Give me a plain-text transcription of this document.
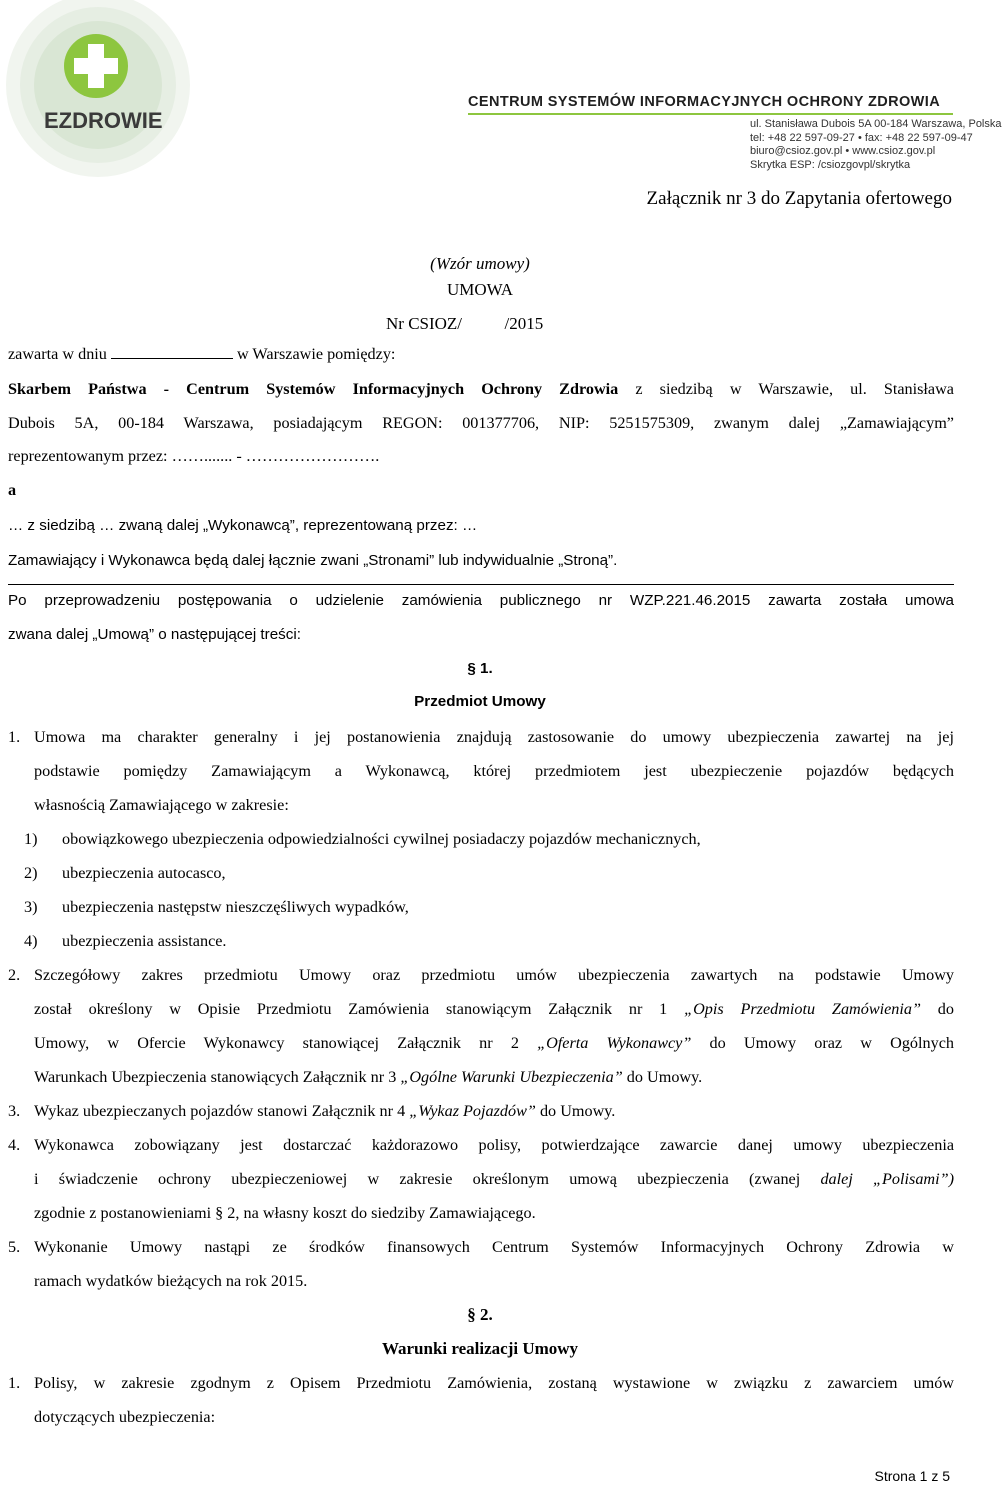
EZDROWIE
CENTRUM SYSTEMÓW INFORMACYJNYCH OCHRONY ZDROWIA
ul. Stanisława Dubois 5A 00-184 Warszawa, Polska
tel: +48 22 597-09-27 • fax: +48 22 597-09-47
biuro@csioz.gov.pl • www.csioz.gov.pl
Skrytka ESP: /csiozgovpl/skrytka
Załącznik nr 3 do Zapytania ofertowego
(Wzór umowy)
UMOWA
Nr CSIOZ/          /2015
zawarta w dniu	w Warszawie pomiędzy:
Skarbem Państwa - Centrum Systemów Informacyjnych Ochrony Zdrowia z siedzibą w Warszawie, ul. Stanisława
Dubois 5A, 00-184 Warszawa, posiadającym REGON: 001377706, NIP: 5251575309, zwanym dalej „Zamawiającym”
reprezentowanym przez: ……....... - …………………….
a
… z siedzibą … zwaną dalej „Wykonawcą”, reprezentowaną przez: …
Zamawiający i Wykonawca będą dalej łącznie zwani „Stronami” lub indywidualnie „Stroną”.
Po przeprowadzeniu postępowania o udzielenie zamówienia publicznego nr WZP.221.46.2015 zawarta została umowa
zwana dalej „Umową” o następującej treści:
§ 1.
Przedmiot Umowy
1. Umowa ma charakter generalny i jej postanowienia znajdują zastosowanie do umowy ubezpieczenia zawartej na jej
podstawie pomiędzy Zamawiającym a Wykonawcą, której przedmiotem jest ubezpieczenie pojazdów będących
własnością Zamawiającego w zakresie:
1) obowiązkowego ubezpieczenia odpowiedzialności cywilnej posiadaczy pojazdów mechanicznych,
2) ubezpieczenia autocasco,
3) ubezpieczenia następstw nieszczęśliwych wypadków,
4) ubezpieczenia assistance.
2. Szczegółowy zakres przedmiotu Umowy oraz przedmiotu umów ubezpieczenia zawartych na podstawie Umowy
został określony w Opisie Przedmiotu Zamówienia stanowiącym Załącznik nr 1 „Opis Przedmiotu Zamówienia” do
Umowy, w Ofercie Wykonawcy stanowiącej Załącznik nr 2 „Oferta Wykonawcy” do Umowy oraz w Ogólnych
Warunkach Ubezpieczenia stanowiących Załącznik nr 3 „Ogólne Warunki Ubezpieczenia” do Umowy.
3. Wykaz ubezpieczanych pojazdów stanowi Załącznik nr 4 „Wykaz Pojazdów” do Umowy.
4. Wykonawca zobowiązany jest dostarczać każdorazowo polisy, potwierdzające zawarcie danej umowy ubezpieczenia
i świadczenie ochrony ubezpieczeniowej w zakresie określonym umową ubezpieczenia (zwanej dalej „Polisami”)
zgodnie z postanowieniami § 2, na własny koszt do siedziby Zamawiającego.
5. Wykonanie Umowy nastąpi ze środków finansowych Centrum Systemów Informacyjnych Ochrony Zdrowia w
ramach wydatków bieżących na rok 2015.
§ 2.
Warunki realizacji Umowy
1. Polisy, w zakresie zgodnym z Opisem Przedmiotu Zamówienia, zostaną wystawione w związku z zawarciem umów
dotyczących ubezpieczenia:
Strona 1 z 5
